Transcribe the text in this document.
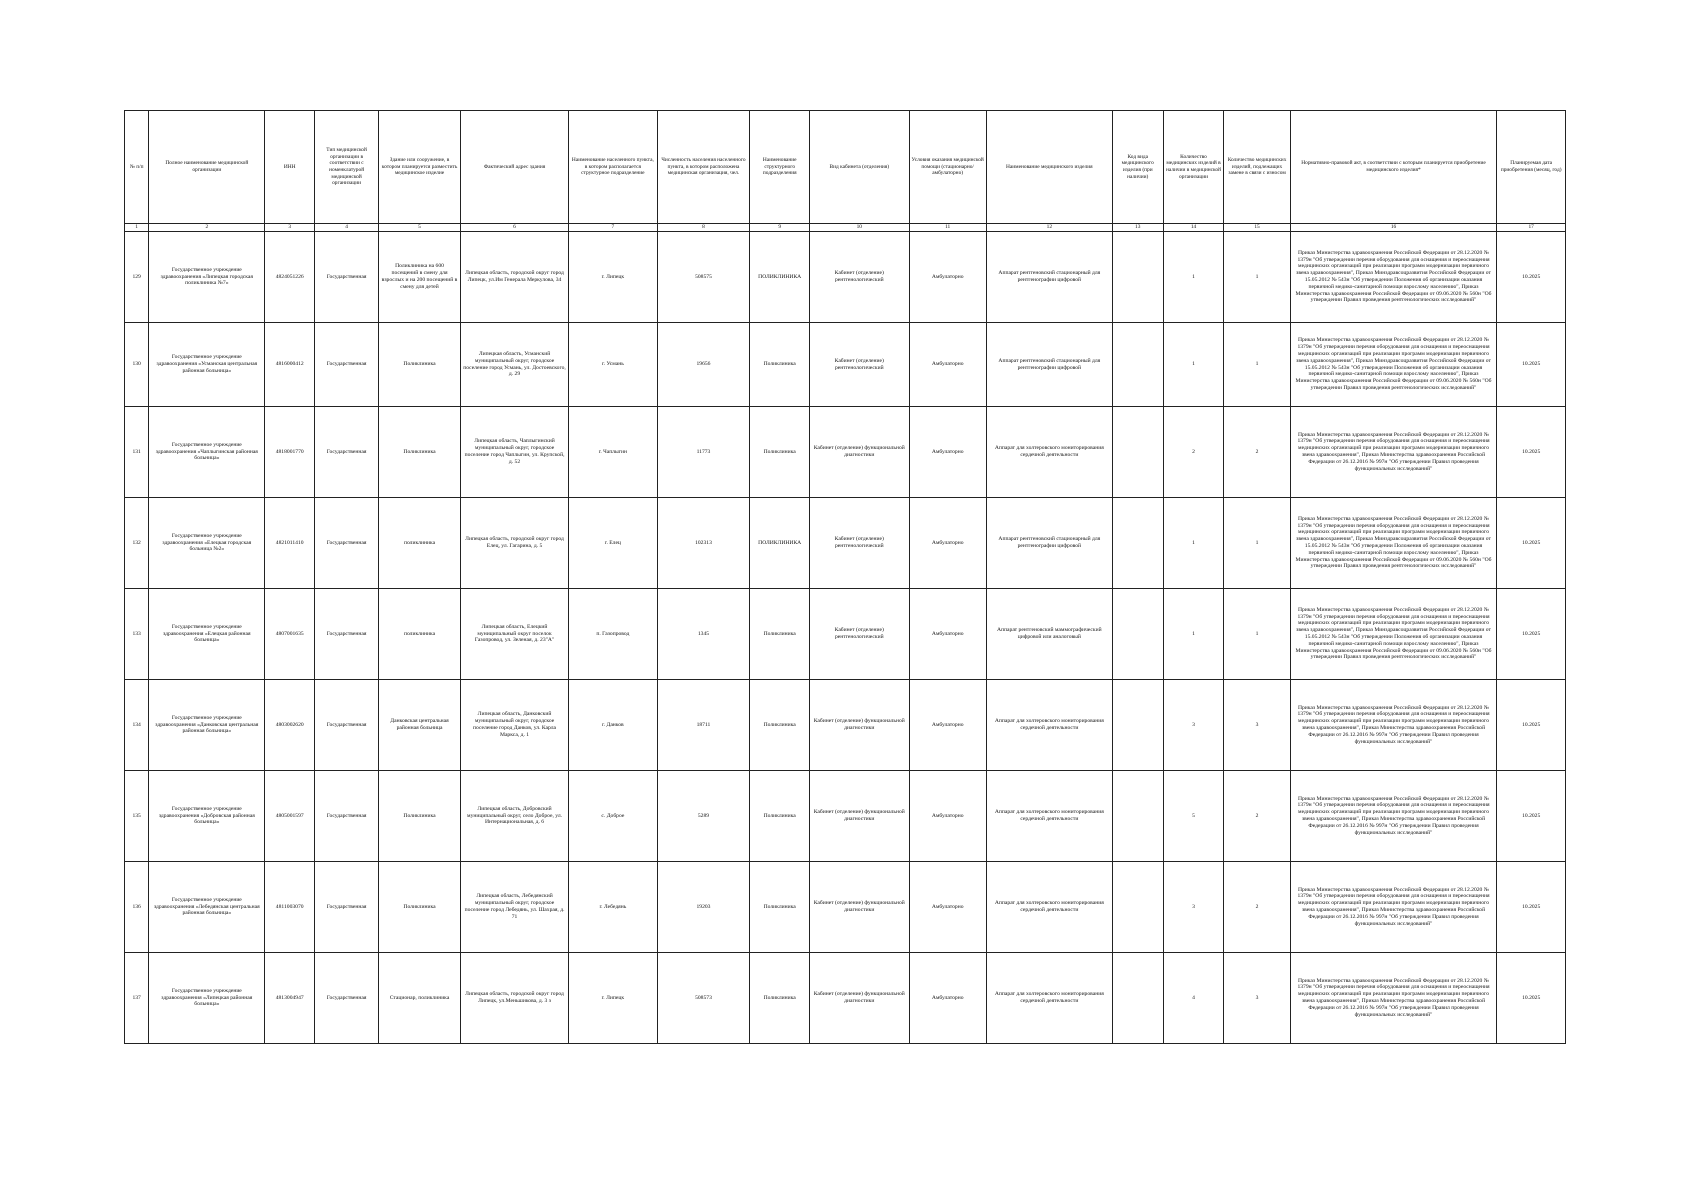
№ п/п	Полное наименование медицинской организации	ИНН	Тип медицинской организации в соответствии с номенклатурой медицинской организации	Здание или сооружение, в котором планируется разместить медицинское изделие	Фактический адрес здания	Наименование населенного пункта, в котором располагается структурное подразделение	Численность населения населенного пункта, в котором расположена медицинская организация, чел.	Наименование структурного подразделения	Вид кабинета (отделения)	Условия оказания медицинской помощи (стационарно/ амбулаторно)	Наименование медицинского изделия	Код вида медицинского изделия (при наличии)	Количество медицинских изделий в наличии в медицинской организации	Количество медицинских изделий, подлежащих замене в связи с износом	Нормативно-правовой акт, в соответствии с которым планируется приобретение медицинского изделия*	Планируемая дата приобретения (месяц, год)
1	2	3	4	5	6	7	8	9	10	11	12	13	14	15	16	17
129	Государственное учреждение здравоохранения «Липецкая городская поликлиника №7»	4824051226	Государственная	Поликлиника на 600 посещений в смену для взрослых и на 200 посещений в смену для детей	Липецкая область, городской округ город Липецк, ул.Им Генерала Меркулова, 34	г. Липецк	508575	ПОЛИКЛИНИКА	Кабинет (отделение) рентгенологический	Амбулаторно	Аппарат рентгеновский стационарный для рентгенографии цифровой		1	1	Приказ Министерства здравоохранения Российской Федерации от 28.12.2020 № 1379н "Об утверждении перечня оборудования для оснащения и переоснащения медицинских организаций при реализации программ модернизации первичного звена здравоохранения", Приказ Минздравсоцразвития Российской Федерации от 15.05.2012 № 543н "Об утверждении Положения об организации оказания первичной медико-санитарной помощи взрослому населению", Приказ Министерства здравоохранения Российской Федерации от 09.06.2020 № 560н "Об утверждении Правил проведения рентгенологических исследований"	10.2025
130	Государственное учреждение здравоохранения «Усманская центральная районная больница»	4816000412	Государственная	Поликлиника	Липецкая область, Усманский муниципальный округ, городское поселение город Усмань, ул. Достоевского, д. 29	г. Усмань	19656	Поликлиника	Кабинет (отделение) рентгенологический	Амбулаторно	Аппарат рентгеновский стационарный для рентгенографии цифровой		1	1	Приказ Министерства здравоохранения Российской Федерации от 28.12.2020 № 1379н "Об утверждении перечня оборудования для оснащения и переоснащения медицинских организаций при реализации программ модернизации первичного звена здравоохранения", Приказ Минздравсоцразвития Российской Федерации от 15.05.2012 № 543н "Об утверждении Положения об организации оказания первичной медико-санитарной помощи взрослому населению", Приказ Министерства здравоохранения Российской Федерации от 09.06.2020 № 560н "Об утверждении Правил проведения рентгенологических исследований"	10.2025
131	Государственное учреждение здравоохранения «Чаплыгинская районная больница»	4818001770	Государственная	Поликлиника	Липецкая область, Чаплыгинский муниципальный округ, городское поселение город Чаплыгин, ул. Крупской, д. 52	г. Чаплыгин	11773	Поликлиника	Кабинет (отделение) функциональной диагностики	Амбулаторно	Аппарат для холтеровского мониторирования сердечной деятельности		2	2	Приказ Министерства здравоохранения Российской Федерации от 28.12.2020 № 1379н "Об утверждении перечня оборудования для оснащения и переоснащения медицинских организаций при реализации программ модернизации первичного звена здравоохранения", Приказ Министерства здравоохранения Российской Федерации от 26.12.2016 № 997н "Об утверждении Правил проведения функциональных исследований"	10.2025
132	Государственное учреждение здравоохранения «Елецкая городская больница №2»	4821011410	Государственная	поликлиника	Липецкая область, городской округ город Елец, ул. Гагарина, д. 5	г. Елец	102313	ПОЛИКЛИНИКА	Кабинет (отделение) рентгенологический	Амбулаторно	Аппарат рентгеновский стационарный для рентгенографии цифровой		1	1	Приказ Министерства здравоохранения Российской Федерации от 28.12.2020 № 1379н "Об утверждении перечня оборудования для оснащения и переоснащения медицинских организаций при реализации программ модернизации первичного звена здравоохранения", Приказ Минздравсоцразвития Российской Федерации от 15.05.2012 № 543н "Об утверждении Положения об организации оказания первичной медико-санитарной помощи взрослому населению", Приказ Министерства здравоохранения Российской Федерации от 09.06.2020 № 560н "Об утверждении Правил проведения рентгенологических исследований"	10.2025
133	Государственное учреждение здравоохранения «Елецкая районная больница»	4807001635	Государственная	поликлиника	Липецкая область, Елецкий муниципальный округ поселок Газопровод, ул. Зеленая, д. 23"А"	п. Газопровод	1345	Поликлиника	Кабинет (отделение) рентгенологический	Амбулаторно	Аппарат рентгеновский маммографический цифровой или аналоговый		1	1	Приказ Министерства здравоохранения Российской Федерации от 28.12.2020 № 1379н "Об утверждении перечня оборудования для оснащения и переоснащения медицинских организаций при реализации программ модернизации первичного звена здравоохранения", Приказ Минздравсоцразвития Российской Федерации от 15.05.2012 № 543н "Об утверждении Положения об организации оказания первичной медико-санитарной помощи взрослому населению", Приказ Министерства здравоохранения Российской Федерации от 09.06.2020 № 560н "Об утверждении Правил проведения рентгенологических исследований"	10.2025
134	Государственное учреждение здравоохранения «Данковская центральная районная больница»	4803002620	Государственная	Данковская центральная районная больница	Липецкая область, Данковский муниципальный округ, городское поселение город Данков, ул. Карла Маркса, д. 1	г. Данков	18711	Поликлиника	Кабинет (отделение) функциональной диагностики	Амбулаторно	Аппарат для холтеровского мониторирования сердечной деятельности		3	3	Приказ Министерства здравоохранения Российской Федерации от 28.12.2020 № 1379н "Об утверждении перечня оборудования для оснащения и переоснащения медицинских организаций при реализации программ модернизации первичного звена здравоохранения", Приказ Министерства здравоохранения Российской Федерации от 26.12.2016 № 997н "Об утверждении Правил проведения функциональных исследований"	10.2025
135	Государственное учреждение здравоохранения «Добровская районная больница»	4805001597	Государственная	Поликлиника	Липецкая область, Добровский муниципальный округ, село Доброе, ул. Интернациональная, д. 6	с. Доброе	5289	Поликлиника	Кабинет (отделение) функциональной диагностики	Амбулаторно	Аппарат для холтеровского мониторирования сердечной деятельности		5	2	Приказ Министерства здравоохранения Российской Федерации от 28.12.2020 № 1379н "Об утверждении перечня оборудования для оснащения и переоснащения медицинских организаций при реализации программ модернизации первичного звена здравоохранения", Приказ Министерства здравоохранения Российской Федерации от 26.12.2016 № 997н "Об утверждении Правил проведения функциональных исследований"	10.2025
136	Государственное учреждение здравоохранения «Лебедянская центральная районная больница»	4811003070	Государственная	Поликлиника	Липецкая область, Лебедянский муниципальный округ, городское поселение город Лебедянь, ул. Шахрая, д. 71	г. Лебедянь	19203	Поликлиника	Кабинет (отделение) функциональной диагностики	Амбулаторно	Аппарат для холтеровского мониторирования сердечной деятельности		3	2	Приказ Министерства здравоохранения Российской Федерации от 28.12.2020 № 1379н "Об утверждении перечня оборудования для оснащения и переоснащения медицинских организаций при реализации программ модернизации первичного звена здравоохранения", Приказ Министерства здравоохранения Российской Федерации от 26.12.2016 № 997н "Об утверждении Правил проведения функциональных исследований"	10.2025
137	Государственное учреждение здравоохранения «Липецкая районная больница»	4813004947	Государственная	Стационар, поликлиника	Липецкая область, городской округ город Липецк, ул.Меньшикова, д. 3 з	г. Липецк	508573	Поликлиника	Кабинет (отделение) функциональной диагностики	Амбулаторно	Аппарат для холтеровского мониторирования сердечной деятельности		4	3	Приказ Министерства здравоохранения Российской Федерации от 28.12.2020 № 1379н "Об утверждении перечня оборудования для оснащения и переоснащения медицинских организаций при реализации программ модернизации первичного звена здравоохранения", Приказ Министерства здравоохранения Российской Федерации от 26.12.2016 № 997н "Об утверждении Правил проведения функциональных исследований"	10.2025
